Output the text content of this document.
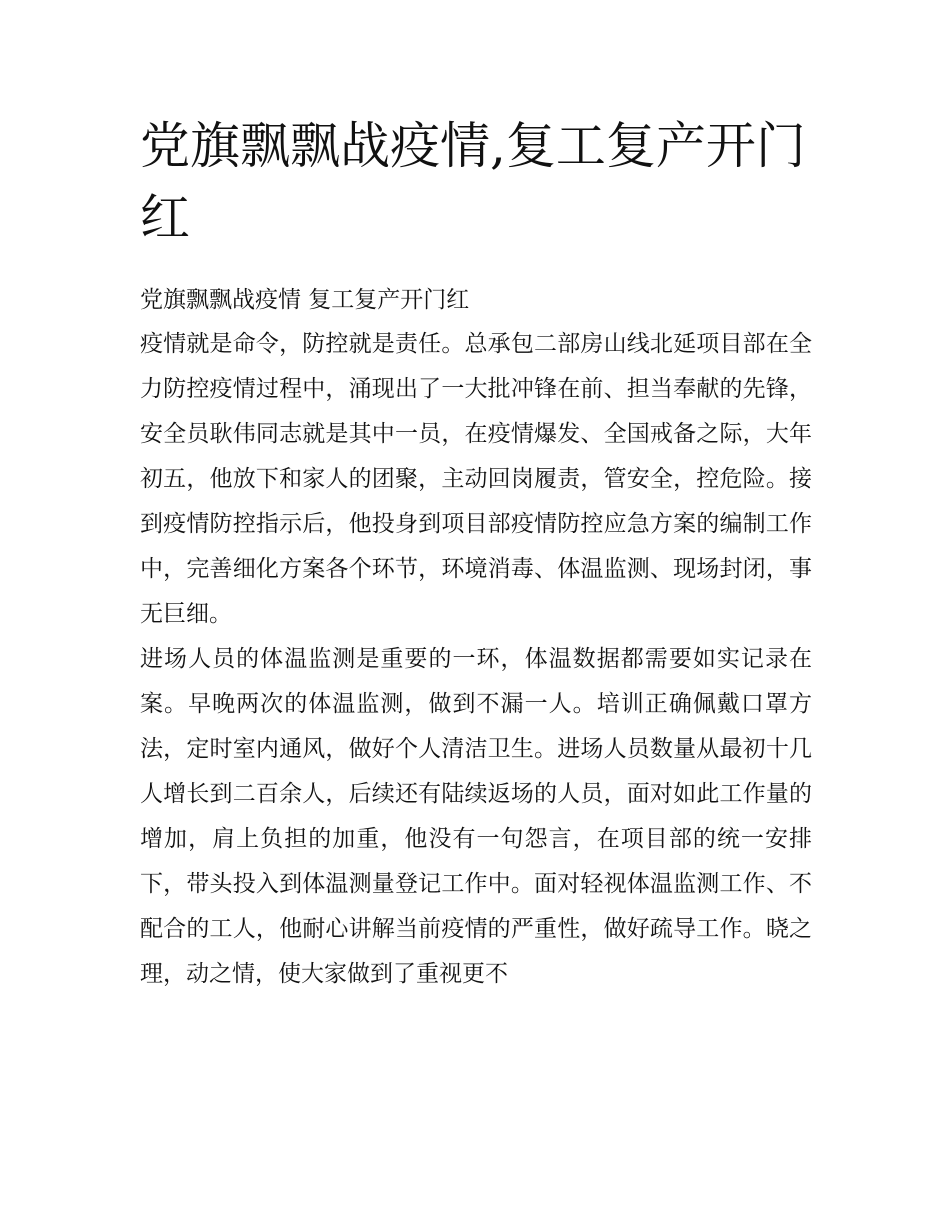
党旗飘飘战疫情,复工复产开门红
党旗飘飘战疫情 复工复产开门红

疫情就是命令，防控就是责任。总承包二部房山线北延项目部在全力防控疫情过程中，涌现出了一大批冲锋在前、担当奉献的先锋，安全员耿伟同志就是其中一员，在疫情爆发、全国戒备之际，大年初五，他放下和家人的团聚，主动回岗履责，管安全，控危险。接到疫情防控指示后，他投身到项目部疫情防控应急方案的编制工作中，完善细化方案各个环节，环境消毒、体温监测、现场封闭，事无巨细。

进场人员的体温监测是重要的一环，体温数据都需要如实记录在案。早晚两次的体温监测，做到不漏一人。培训正确佩戴口罩方法，定时室内通风，做好个人清洁卫生。进场人员数量从最初十几人增长到二百余人，后续还有陆续返场的人员，面对如此工作量的增加，肩上负担的加重，他没有一句怨言，在项目部的统一安排下，带头投入到体温测量登记工作中。面对轻视体温监测工作、不配合的工人，他耐心讲解当前疫情的严重性，做好疏导工作。晓之理，动之情，使大家做到了重视更不
